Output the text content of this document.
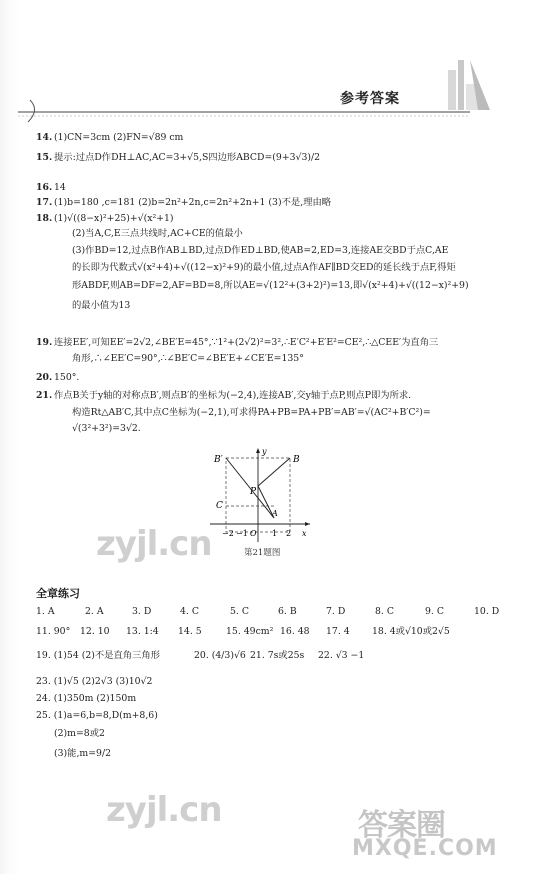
参考答案
14. (1)CN=3cm (2)FN=√89 cm
15. 提示:过点D作DH⊥AC,AC=3+√5,S四边形ABCD=(9+3√3)/2
16. 14
17. (1)b=180 ,c=181 (2)b=2n²+2n,c=2n²+2n+1 (3)不是,理由略
18. (1)√((8−x)²+25)+√(x²+1)
(2)当A,C,E三点共线时,AC+CE的值最小
(3)作BD=12,过点B作AB⊥BD,过点D作ED⊥BD,使AB=2,ED=3,连接AE交BD于点C,AE
的长即为代数式√(x²+4)+√((12−x)²+9)的最小值,过点A作AF∥BD交ED的延长线于点F,得矩
形ABDF,则AB=DF=2,AF=BD=8,所以AE=√(12²+(3+2)²)=13,即√(x²+4)+√((12−x)²+9)
的最小值为13
19. 连接EE′,可知EE′=2√2,∠BE′E=45°,∵1²+(2√2)²=3²,∴E′C²+E′E²=CE²,∴△CEE′为直角三
角形,∴∠EE′C=90°,∴∠BE′C=∠BE′E+∠CE′E=135°
20. 150°.
21. 作点B关于y轴的对称点B′,则点B′的坐标为(−2,4),连接AB′,交y轴于点P,则点P即为所求.
构造Rt△AB′C,其中点C坐标为(−2,1),可求得PA+PB=PA+PB′=AB′=√(AC²+B′C²)=
√(3²+3²)=3√2.
B′	B
C
P
A
y
x
−2 −1 O 1 2
第21题图
全章练习
1. A	2. A	3. D	4. C	5. C	6. B	7. D	8. C	9. C	10. D
11. 90° 12. 10 13. 1:4 14. 5	15. 49cm² 16. 48 17. 4 18. 4或√10或2√5
19. (1)54 (2)不是直角三角形	20. (4/3)√6 21. 7s或25s 22. √3 −1
23. (1)√5 (2)2√3 (3)10√2
24. (1)350m (2)150m
25. (1)a=6,b=8,D(m+8,6)
(2)m=8或2
(3)能,m=9/2
zyjl.cn
zyjl.cn	答案圈
MXQE.COM
